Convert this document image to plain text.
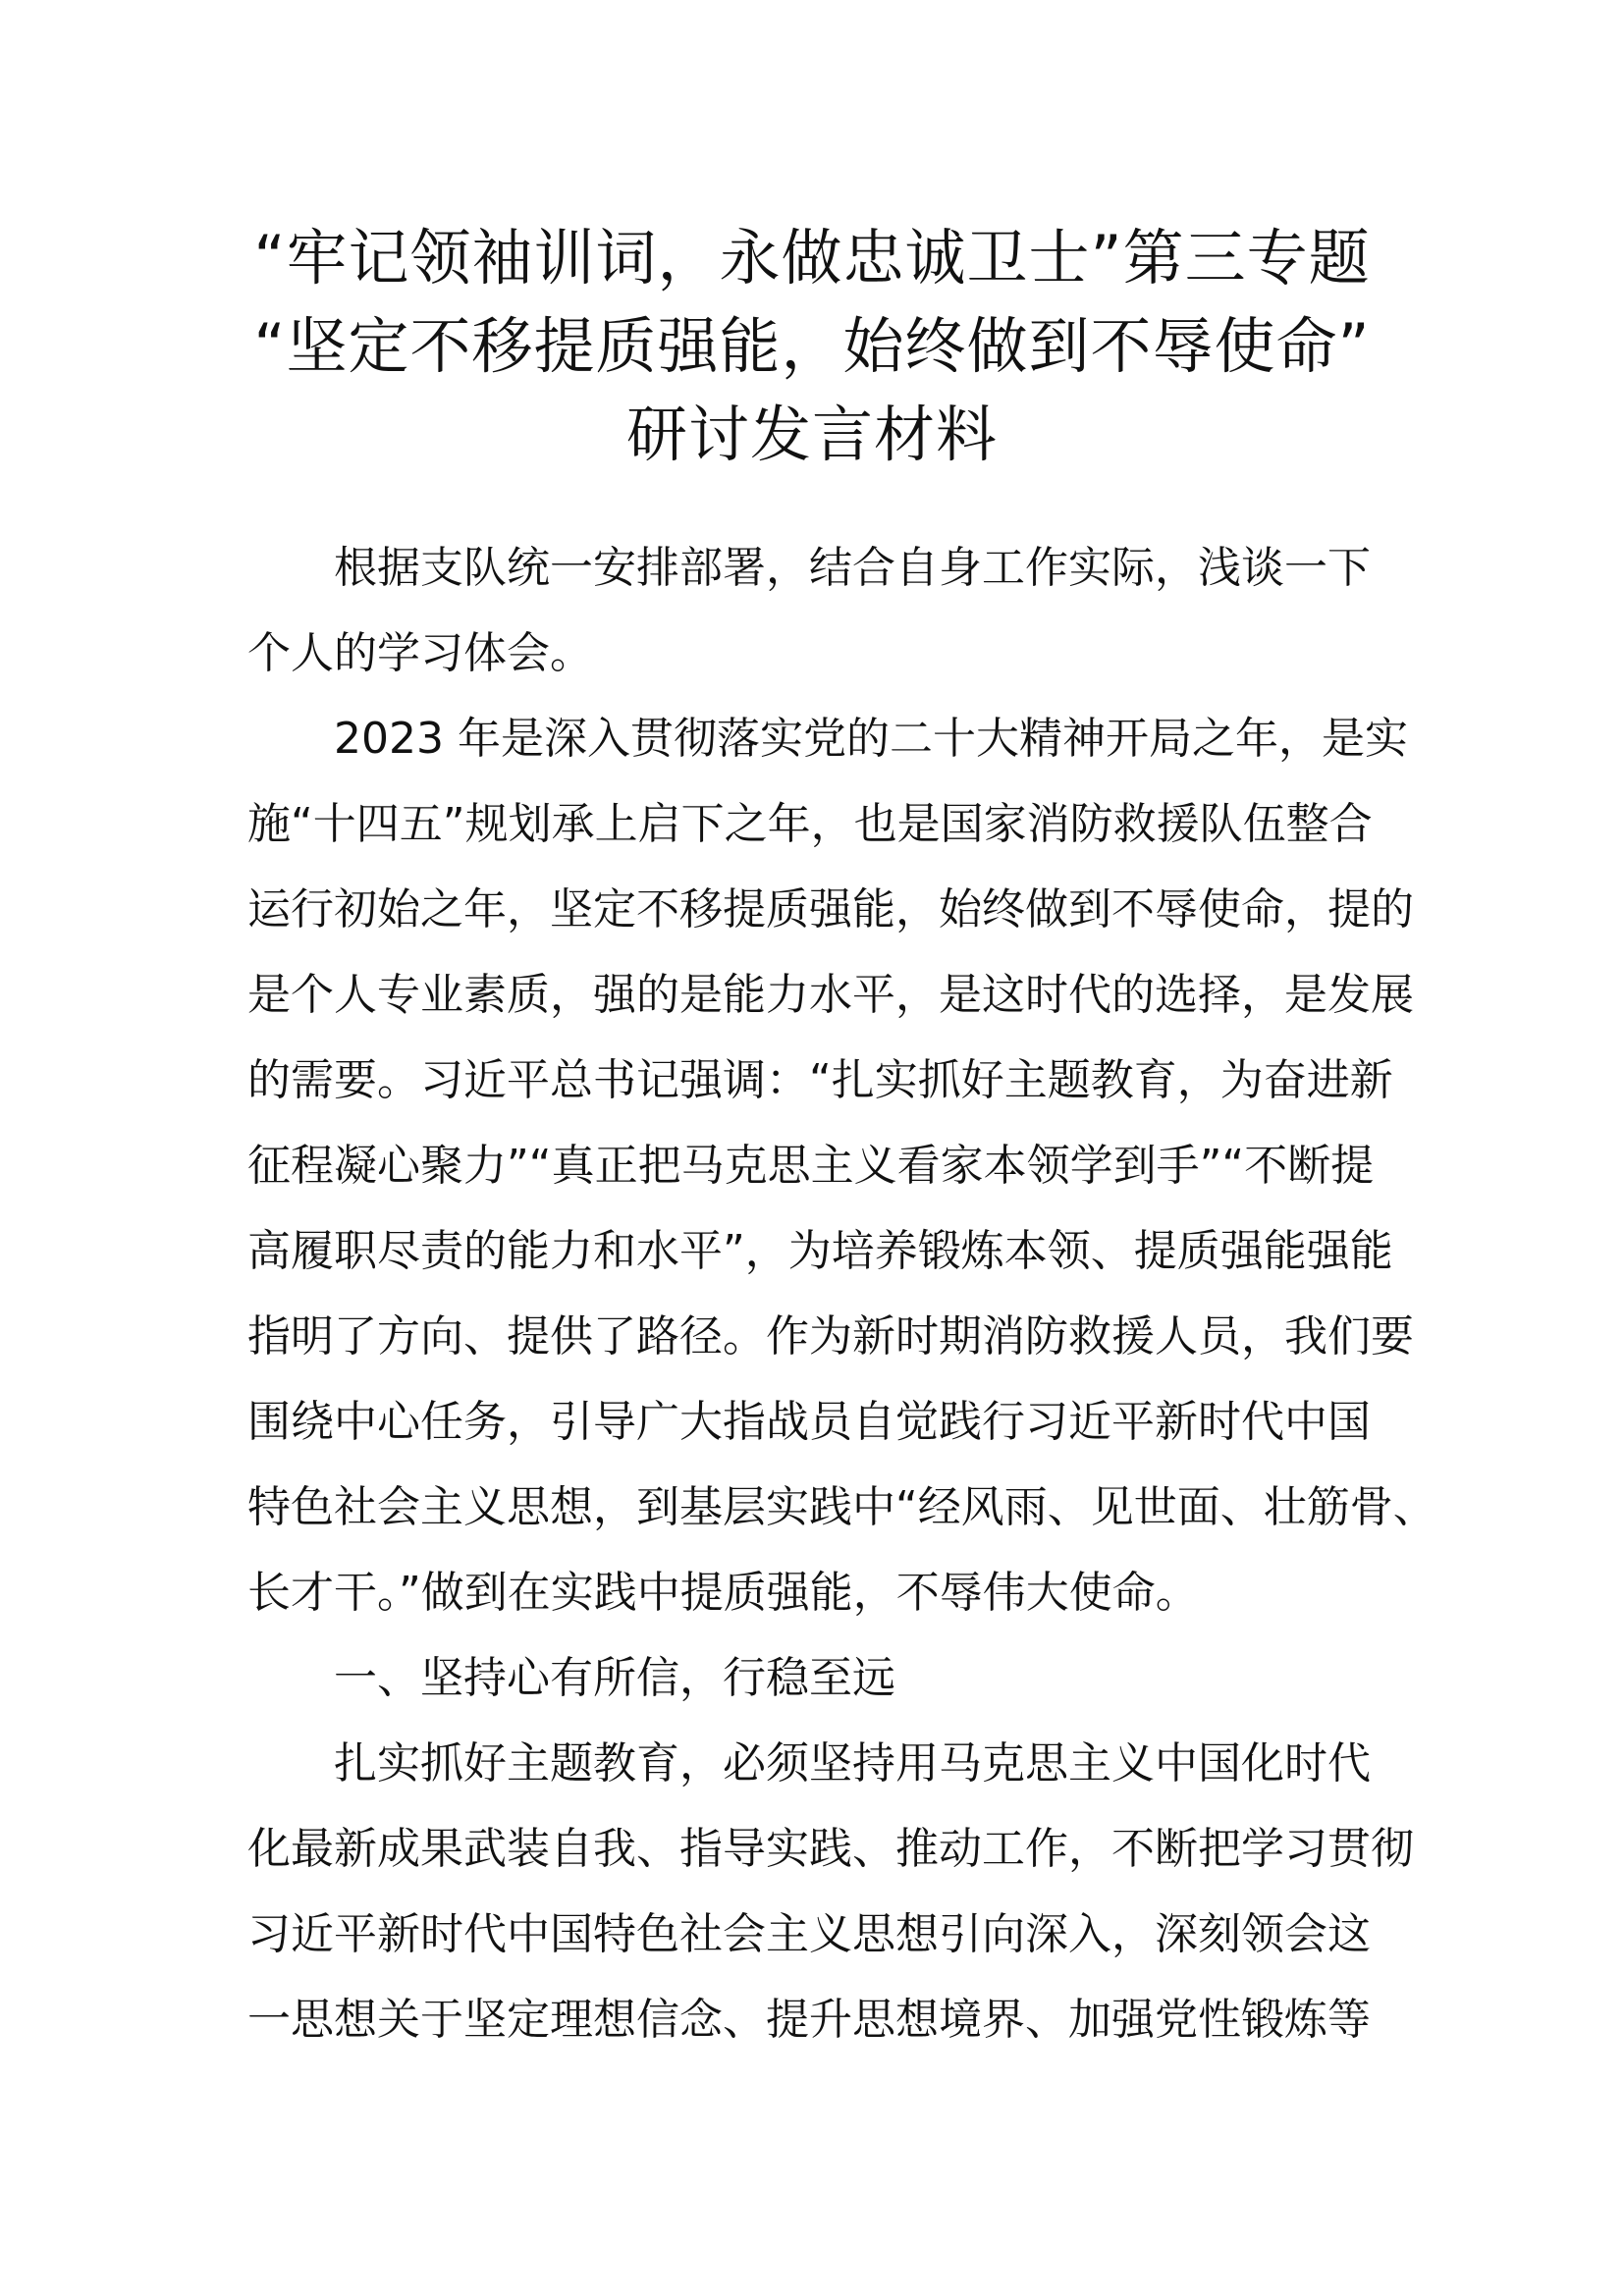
“牢记领袖训词，永做忠诚卫士”第三专题
“坚定不移提质强能，始终做到不辱使命”
研讨发言材料
根据支队统一安排部署，结合自身工作实际，浅谈一下
个人的学习体会。
2023 年是深入贯彻落实党的二十大精神开局之年，是实
施“十四五”规划承上启下之年，也是国家消防救援队伍整合
运行初始之年，坚定不移提质强能，始终做到不辱使命，提的
是个人专业素质，强的是能力水平，是这时代的选择，是发展
的需要。习近平总书记强调：“扎实抓好主题教育，为奋进新
征程凝心聚力”“真正把马克思主义看家本领学到手”“不断提
高履职尽责的能力和水平”，为培养锻炼本领、提质强能强能
指明了方向、提供了路径。作为新时期消防救援人员，我们要
围绕中心任务，引导广大指战员自觉践行习近平新时代中国
特色社会主义思想，到基层实践中“经风雨、见世面、壮筋骨、
长才干。”做到在实践中提质强能，不辱伟大使命。
一、坚持心有所信，行稳至远
扎实抓好主题教育，必须坚持用马克思主义中国化时代
化最新成果武装自我、指导实践、推动工作，不断把学习贯彻
习近平新时代中国特色社会主义思想引向深入，深刻领会这
一思想关于坚定理想信念、提升思想境界、加强党性锻炼等
